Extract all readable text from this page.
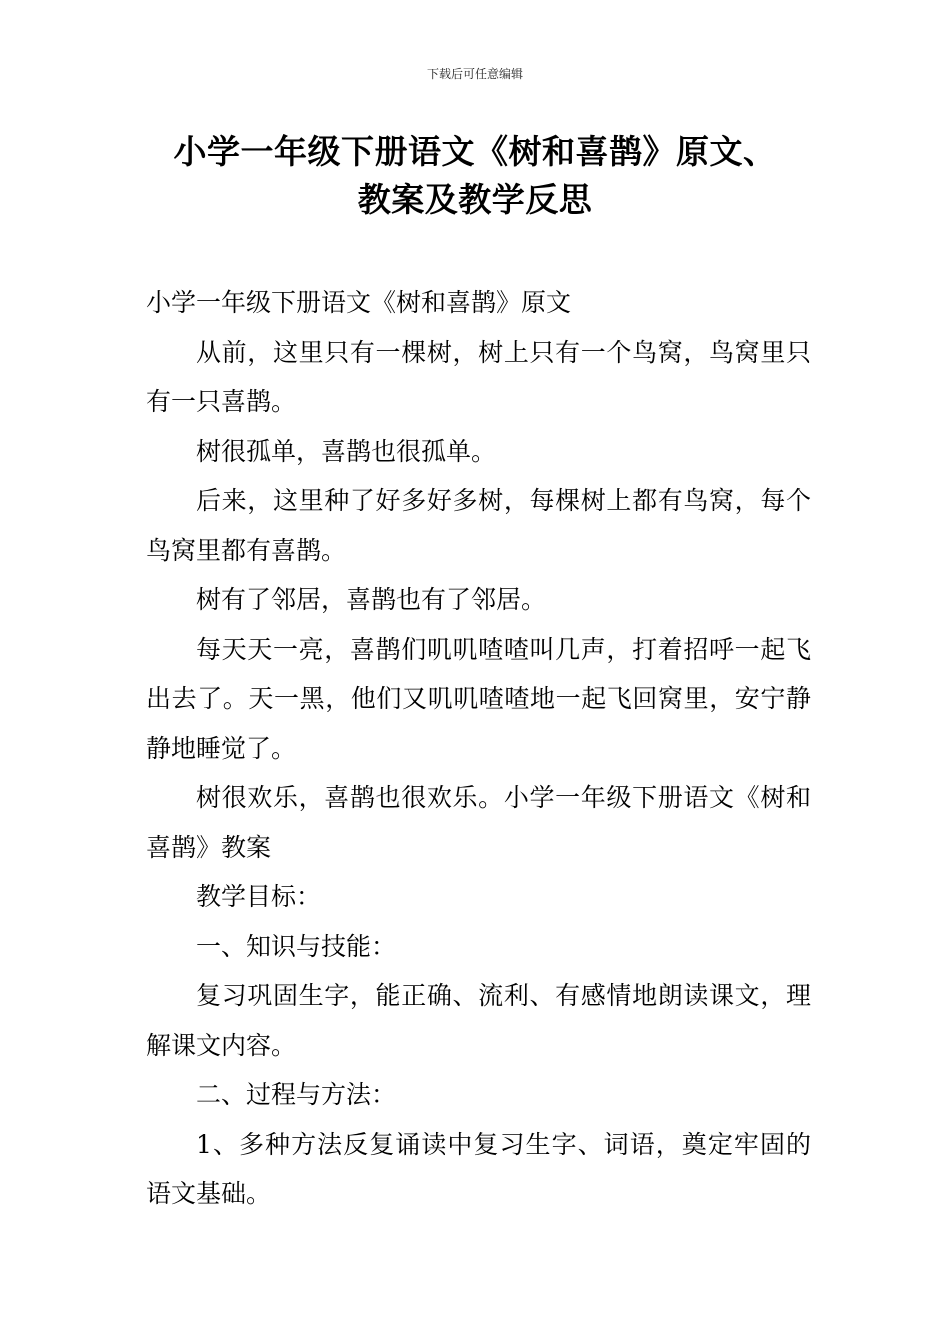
下载后可任意编辑
小学一年级下册语文《树和喜鹊》原文、
教案及教学反思

小学一年级下册语文《树和喜鹊》原文

从前，这里只有一棵树，树上只有一个鸟窝，鸟窝里只有一只喜鹊。

树很孤单，喜鹊也很孤单。

后来，这里种了好多好多树，每棵树上都有鸟窝，每个鸟窝里都有喜鹊。

树有了邻居，喜鹊也有了邻居。

每天天一亮，喜鹊们叽叽喳喳叫几声，打着招呼一起飞出去了。天一黑，他们又叽叽喳喳地一起飞回窝里，安宁静静地睡觉了。

树很欢乐，喜鹊也很欢乐。小学一年级下册语文《树和喜鹊》教案

教学目标：

一、知识与技能：

复习巩固生字，能正确、流利、有感情地朗读课文，理解课文内容。

二、过程与方法：

1、多种方法反复诵读中复习生字、词语，奠定牢固的语文基础。
